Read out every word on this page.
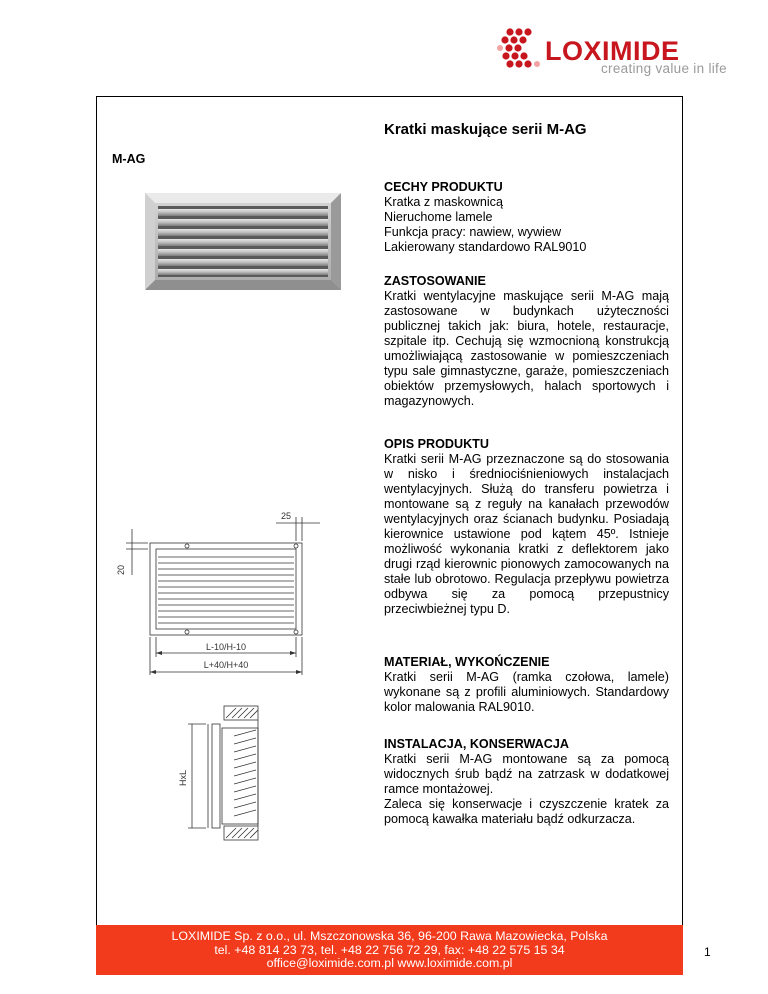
LOXIMIDE
creating value in life
Kratki maskujące serii M-AG
M-AG
25
20
L-10/H-10
L+40/H+40
HxL
CECHY PRODUKTU
Kratka z maskownicą
Nieruchome lamele
Funkcja pracy: nawiew, wywiew
Lakierowany standardowo RAL9010
ZASTOSOWANIE
Kratki wentylacyjne maskujące serii M-AG mają zastosowane w budynkach użyteczności publicznej takich jak: biura, hotele, restauracje, szpitale itp. Cechują się wzmocnioną konstrukcją umożliwiającą zastosowanie w pomieszczeniach typu sale gimnastyczne, garaże, pomieszczeniach obiektów przemysłowych, halach sportowych i magazynowych.
OPIS PRODUKTU
Kratki serii M-AG przeznaczone są do stosowania w nisko i średniociśnieniowych instalacjach wentylacyjnych. Służą do transferu powietrza i montowane są z reguły na kanałach przewodów wentylacyjnych oraz ścianach budynku. Posiadają kierownice ustawione pod kątem 45º. Istnieje możliwość wykonania kratki z deflektorem jako drugi rząd kierownic pionowych zamocowanych na stałe lub obrotowo. Regulacja przepływu powietrza odbywa się za pomocą przepustnicy przeciwbieżnej typu D.
MATERIAŁ, WYKOŃCZENIE
Kratki serii M-AG (ramka czołowa, lamele) wykonane są z profili aluminiowych. Standardowy kolor malowania RAL9010.
INSTALACJA, KONSERWACJA
Kratki serii M-AG montowane są za pomocą widocznych śrub bądź na zatrzask w dodatkowej ramce montażowej.
Zaleca się konserwacje i czyszczenie kratek za pomocą kawałka materiału bądź odkurzacza.
LOXIMIDE Sp. z o.o., ul. Mszczonowska 36, 96-200 Rawa Mazowiecka, Polska
tel. +48 814 23 73, tel. +48 22 756 72 29, fax: +48 22 575 15 34
office@loximide.com.pl www.loximide.com.pl
1
